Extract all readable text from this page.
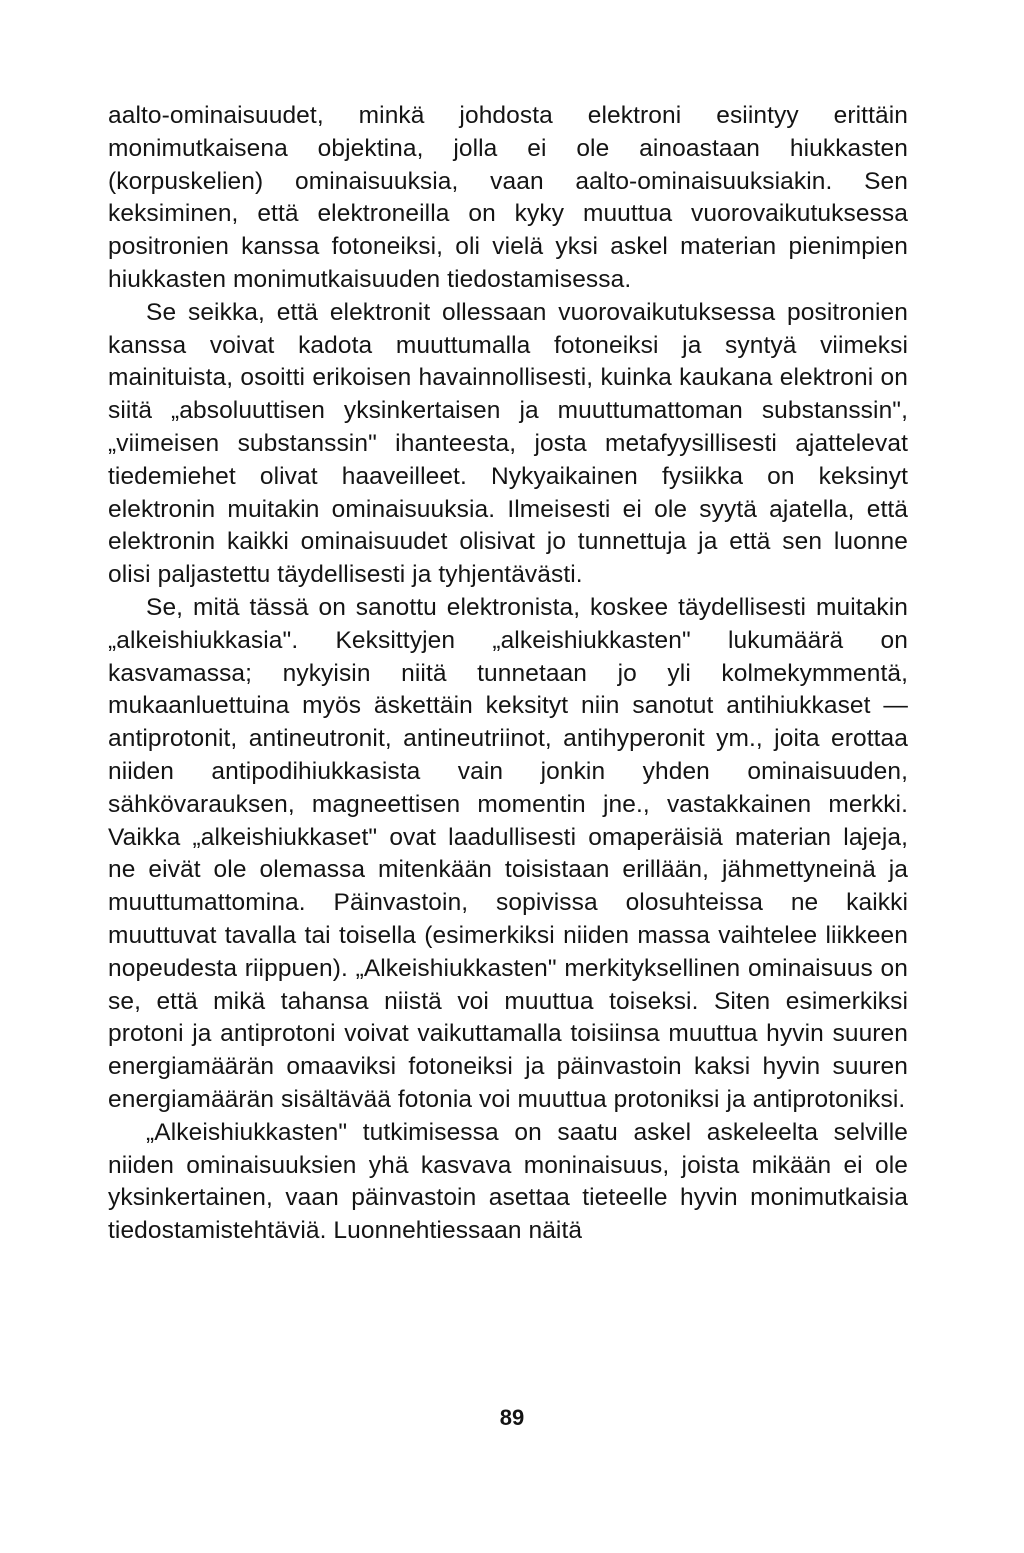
aalto-ominaisuudet, minkä johdosta elektroni esiintyy erittäin monimutkaisena objektina, jolla ei ole ainoastaan hiukkasten (korpuskelien) ominaisuuksia, vaan aalto-ominaisuuksiakin. Sen keksiminen, että elektroneilla on kyky muuttua vuorovaikutuksessa positronien kanssa fotoneiksi, oli vielä yksi askel materian pienimpien hiukkasten monimutkaisuuden tiedostamisessa.

Se seikka, että elektronit ollessaan vuorovaikutuksessa positronien kanssa voivat kadota muuttumalla fotoneiksi ja syntyä viimeksi mainituista, osoitti erikoisen havainnollisesti, kuinka kaukana elektroni on siitä „absoluuttisen yksinkertaisen ja muuttumattoman substanssin", „viimeisen substanssin" ihanteesta, josta metafyysillisesti ajattelevat tiedemiehet olivat haaveilleet. Nykyaikainen fysiikka on keksinyt elektronin muitakin ominaisuuksia. Ilmeisesti ei ole syytä ajatella, että elektronin kaikki ominaisuudet olisivat jo tunnettuja ja että sen luonne olisi paljastettu täydellisesti ja tyhjentävästi.

Se, mitä tässä on sanottu elektronista, koskee täydellisesti muitakin „alkeishiukkasia". Keksittyjen „alkeishiukkasten" lukumäärä on kasvamassa; nykyisin niitä tunnetaan jo yli kolmekymmentä, mukaanluettuina myös äskettäin keksityt niin sanotut antihiukkaset — antiprotonit, antineutronit, antineutriinot, antihyperonit ym., joita erottaa niiden antipodihiukkasista vain jonkin yhden ominaisuuden, sähkövarauksen, magneettisen momentin jne., vastakkainen merkki. Vaikka „alkeishiukkaset" ovat laadullisesti omaperäisiä materian lajeja, ne eivät ole olemassa mitenkään toisistaan erillään, jähmettyneinä ja muuttumattomina. Päinvastoin, sopivissa olosuhteissa ne kaikki muuttuvat tavalla tai toisella (esimerkiksi niiden massa vaihtelee liikkeen nopeudesta riippuen). „Alkeishiukkasten" merkityksellinen ominaisuus on se, että mikä tahansa niistä voi muuttua toiseksi. Siten esimerkiksi protoni ja antiprotoni voivat vaikuttamalla toisiinsa muuttua hyvin suuren energiamäärän omaaviksi fotoneiksi ja päinvastoin kaksi hyvin suuren energiamäärän sisältävää fotonia voi muuttua protoniksi ja antiprotoniksi.

„Alkeishiukkasten" tutkimisessa on saatu askel askeleelta selville niiden ominaisuuksien yhä kasvava moninaisuus, joista mikään ei ole yksinkertainen, vaan päinvastoin asettaa tieteelle hyvin monimutkaisia tiedostamistehtäviä. Luonnehtiessaan näitä

89
